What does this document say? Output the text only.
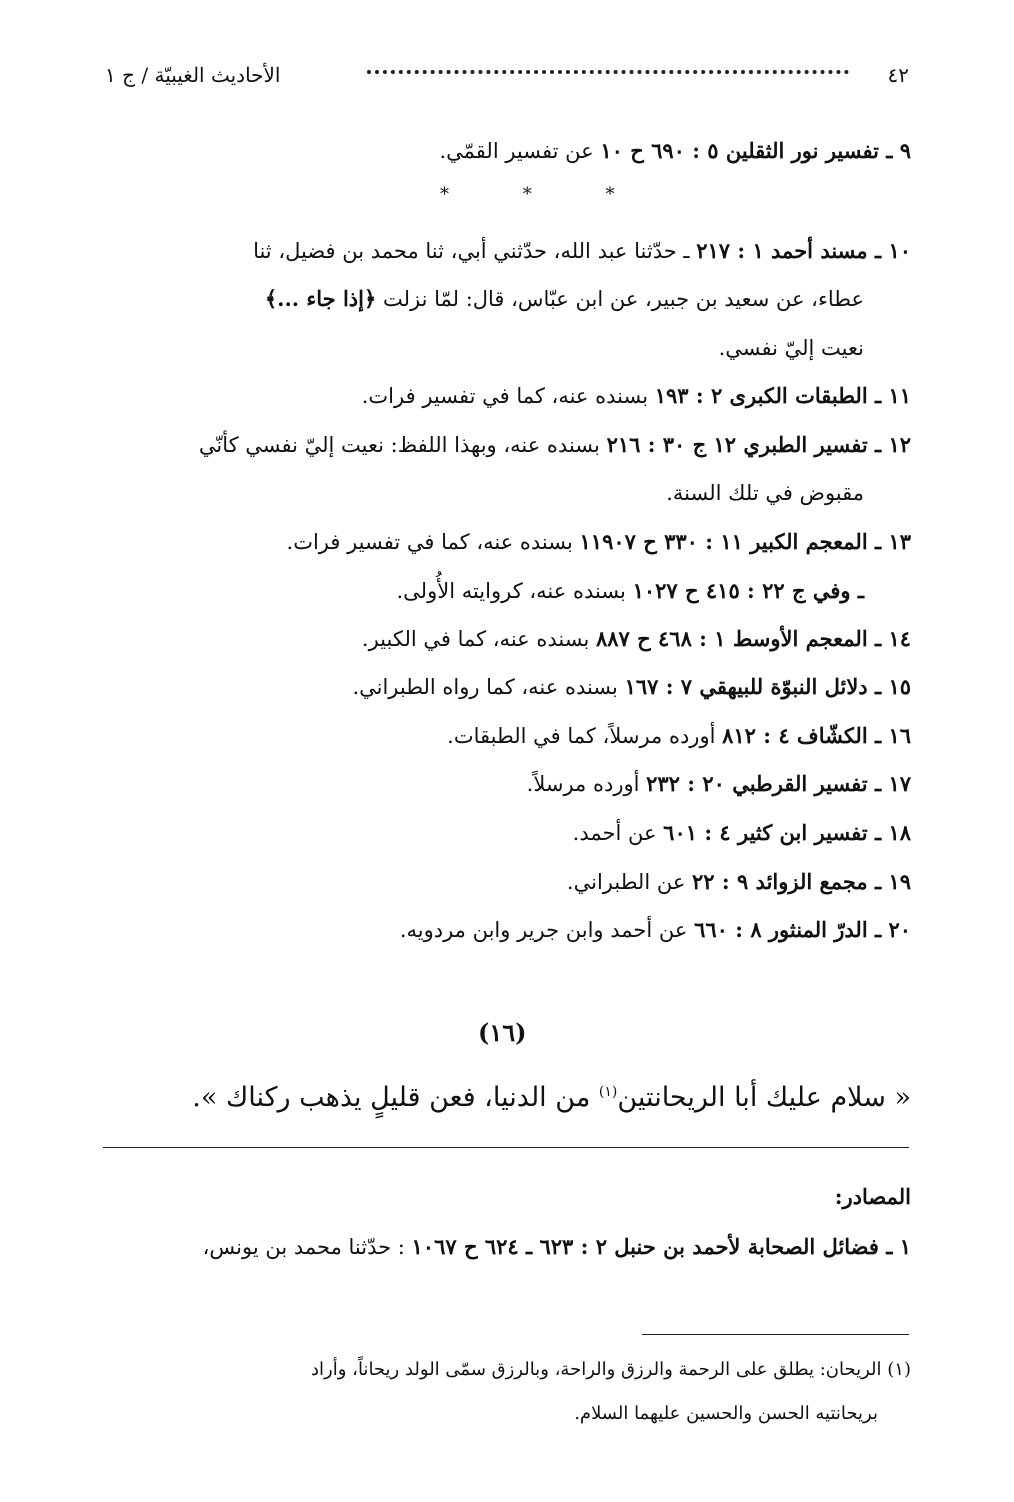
٤٢
الأحاديث الغيبيّة / ج ١
٩ ـ تفسير نور الثقلين ٥ : ٦٩٠ ح ١٠ عن تفسير القمّي.
* * *
١٠ ـ مسند أحمد ١ : ٢١٧ ـ حدّثنا عبد الله، حدّثني أبي، ثنا محمد بن فضيل، ثنا
عطاء، عن سعيد بن جبير، عن ابن عبّاس، قال: لمّا نزلت ﴿إذا جاء ...﴾
نعيت إليّ نفسي.
١١ ـ الطبقات الكبرى ٢ : ١٩٣ بسنده عنه، كما في تفسير فرات.
١٢ ـ تفسير الطبري ١٢ ج ٣٠ : ٢١٦ بسنده عنه، وبهذا اللفظ: نعيت إليّ نفسي كأنّي
مقبوض في تلك السنة.
١٣ ـ المعجم الكبير ١١ : ٣٣٠ ح ١١٩٠٧ بسنده عنه، كما في تفسير فرات.
ـ وفي ج ٢٢ : ٤١٥ ح ١٠٢٧ بسنده عنه، كروايته الأُولى.
١٤ ـ المعجم الأوسط ١ : ٤٦٨ ح ٨٨٧ بسنده عنه، كما في الكبير.
١٥ ـ دلائل النبوّة للبيهقي ٧ : ١٦٧ بسنده عنه، كما رواه الطبراني.
١٦ ـ الكشّاف ٤ : ٨١٢ أورده مرسلاً، كما في الطبقات.
١٧ ـ تفسير القرطبي ٢٠ : ٢٣٢ أورده مرسلاً.
١٨ ـ تفسير ابن كثير ٤ : ٦٠١ عن أحمد.
١٩ ـ مجمع الزوائد ٩ : ٢٢ عن الطبراني.
٢٠ ـ الدرّ المنثور ٨ : ٦٦٠ عن أحمد وابن جرير وابن مردويه.
(١٦)
« سلام عليك أبا الريحانتين$^{(١)}$ من الدنيا، فعن قليلٍ يذهب ركناك ».
المصادر:
١ ـ فضائل الصحابة لأحمد بن حنبل ٢ : ٦٢٣ ـ ٦٢٤ ح ١٠٦٧ : حدّثنا محمد بن يونس،
(١) الريحان: يطلق على الرحمة والرزق والراحة، وبالرزق سمّى الولد ريحاناً، وأراد
بريحانتيه الحسن والحسين عليهما السلام.
